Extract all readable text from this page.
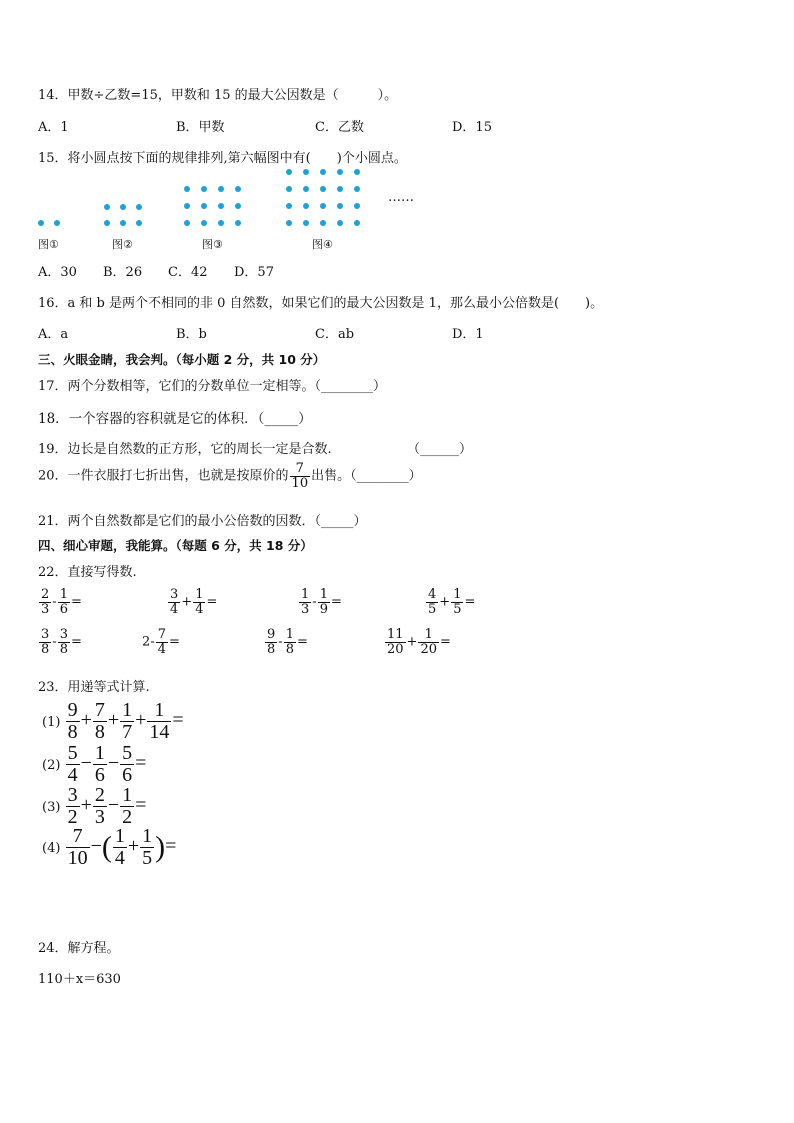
14．甲数÷乙数=15，甲数和 15 的最大公因数是（　　　）。
A．1	B．甲数	C．乙数	D．15
15．将小圆点按下面的规律排列,第六幅图中有(　　)个小圆点。
……
图①	图②	图③	图④
A．30 B．26 C．42 D．57
16．a 和 b 是两个不相同的非 0 自然数，如果它们的最大公因数是 1，那么最小公倍数是(　　)。
A．a	B．b	C．ab	D．1
三、火眼金睛，我会判。（每小题 2 分，共 10 分）
17．两个分数相等，它们的分数单位一定相等。（________）
18．一个容器的容积就是它的体积．（_____）
19．边长是自然数的正方形，它的周长一定是合数.	（______）
20．一件衣服打七折出售，也就是按原价的 $\frac{7}{10}$ 出售。（________）
21．两个自然数都是它们的最小公倍数的因数．（_____）
四、细心审题，我能算。（每题 6 分，共 18 分）
22．直接写得数.
$\frac{2}{3} - \frac{1}{6}$ =	$\frac{3}{4} + \frac{1}{4}$ =	$\frac{1}{3} - \frac{1}{9}$ =	$\frac{4}{5} + \frac{1}{5}$ =
$\frac{3}{8} - \frac{3}{8}$ =	$2- \frac{7}{4}$ =	$\frac{9}{8} - \frac{1}{8}$ =	$\frac{11}{20} + \frac{1}{20}$ =
23．用递等式计算.
$(1) \frac{9}{8} + \frac{7}{8} + \frac{1}{7} + \frac{1}{14}$ =
$(2) \frac{5}{4} - \frac{1}{6} - \frac{5}{6}$ =
$(3) \frac{3}{2} + \frac{2}{3} - \frac{1}{2}$ =
$(4) \frac{7}{10}$ −( $\frac{1}{4} + \frac{1}{5}$ )=
24．解方程。
110＋x＝630
